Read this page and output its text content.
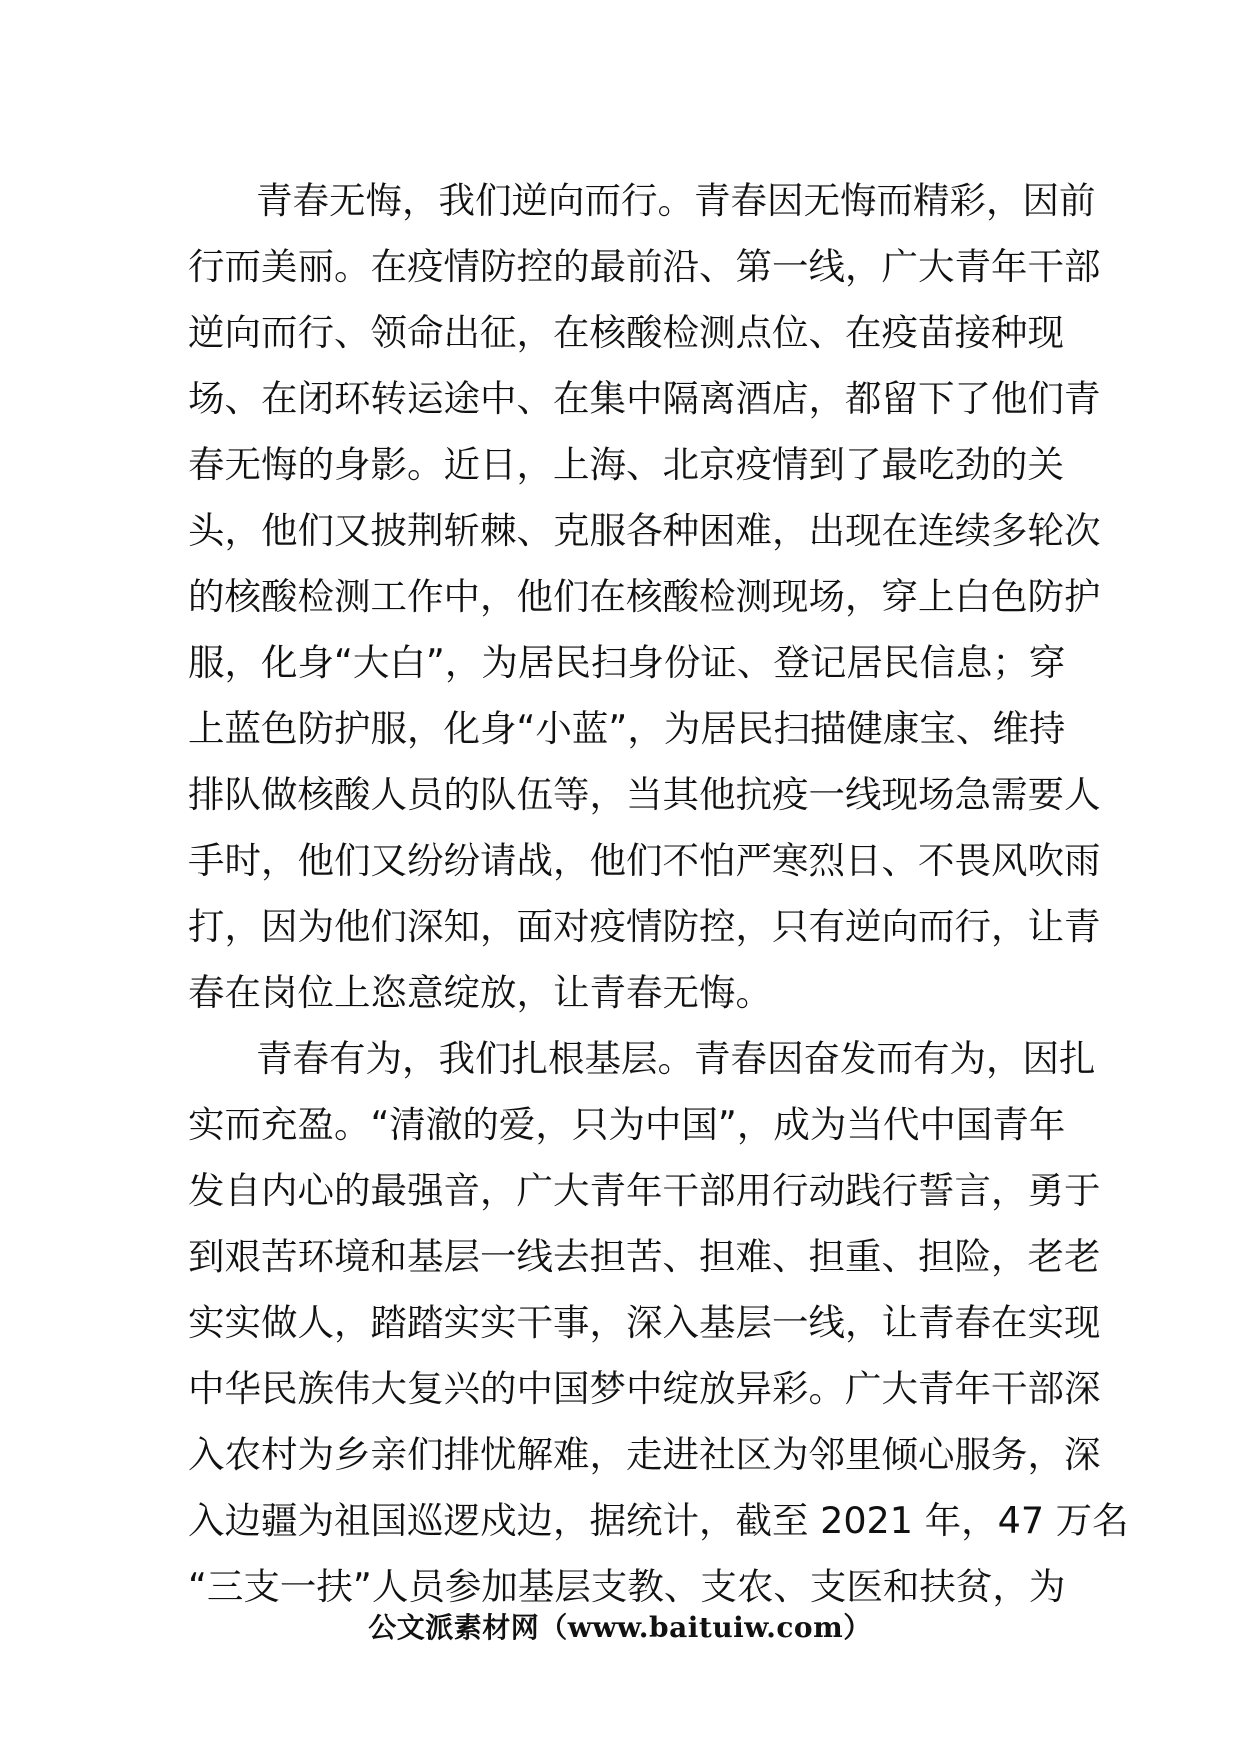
青春无悔，我们逆向而行。青春因无悔而精彩，因前
行而美丽。在疫情防控的最前沿、第一线，广大青年干部
逆向而行、领命出征，在核酸检测点位、在疫苗接种现
场、在闭环转运途中、在集中隔离酒店，都留下了他们青
春无悔的身影。近日，上海、北京疫情到了最吃劲的关
头，他们又披荆斩棘、克服各种困难，出现在连续多轮次
的核酸检测工作中，他们在核酸检测现场，穿上白色防护
服，化身“大白”，为居民扫身份证、登记居民信息；穿
上蓝色防护服，化身“小蓝”，为居民扫描健康宝、维持
排队做核酸人员的队伍等，当其他抗疫一线现场急需要人
手时，他们又纷纷请战，他们不怕严寒烈日、不畏风吹雨
打，因为他们深知，面对疫情防控，只有逆向而行，让青
春在岗位上恣意绽放，让青春无悔。
青春有为，我们扎根基层。青春因奋发而有为，因扎
实而充盈。“清澈的爱，只为中国”，成为当代中国青年
发自内心的最强音，广大青年干部用行动践行誓言，勇于
到艰苦环境和基层一线去担苦、担难、担重、担险，老老
实实做人，踏踏实实干事，深入基层一线，让青春在实现
中华民族伟大复兴的中国梦中绽放异彩。广大青年干部深
入农村为乡亲们排忧解难，走进社区为邻里倾心服务，深
入边疆为祖国巡逻戍边，据统计，截至 2021 年，47 万名
“三支一扶”人员参加基层支教、支农、支医和扶贫，为
公文派素材网（www.baituiw.com）
